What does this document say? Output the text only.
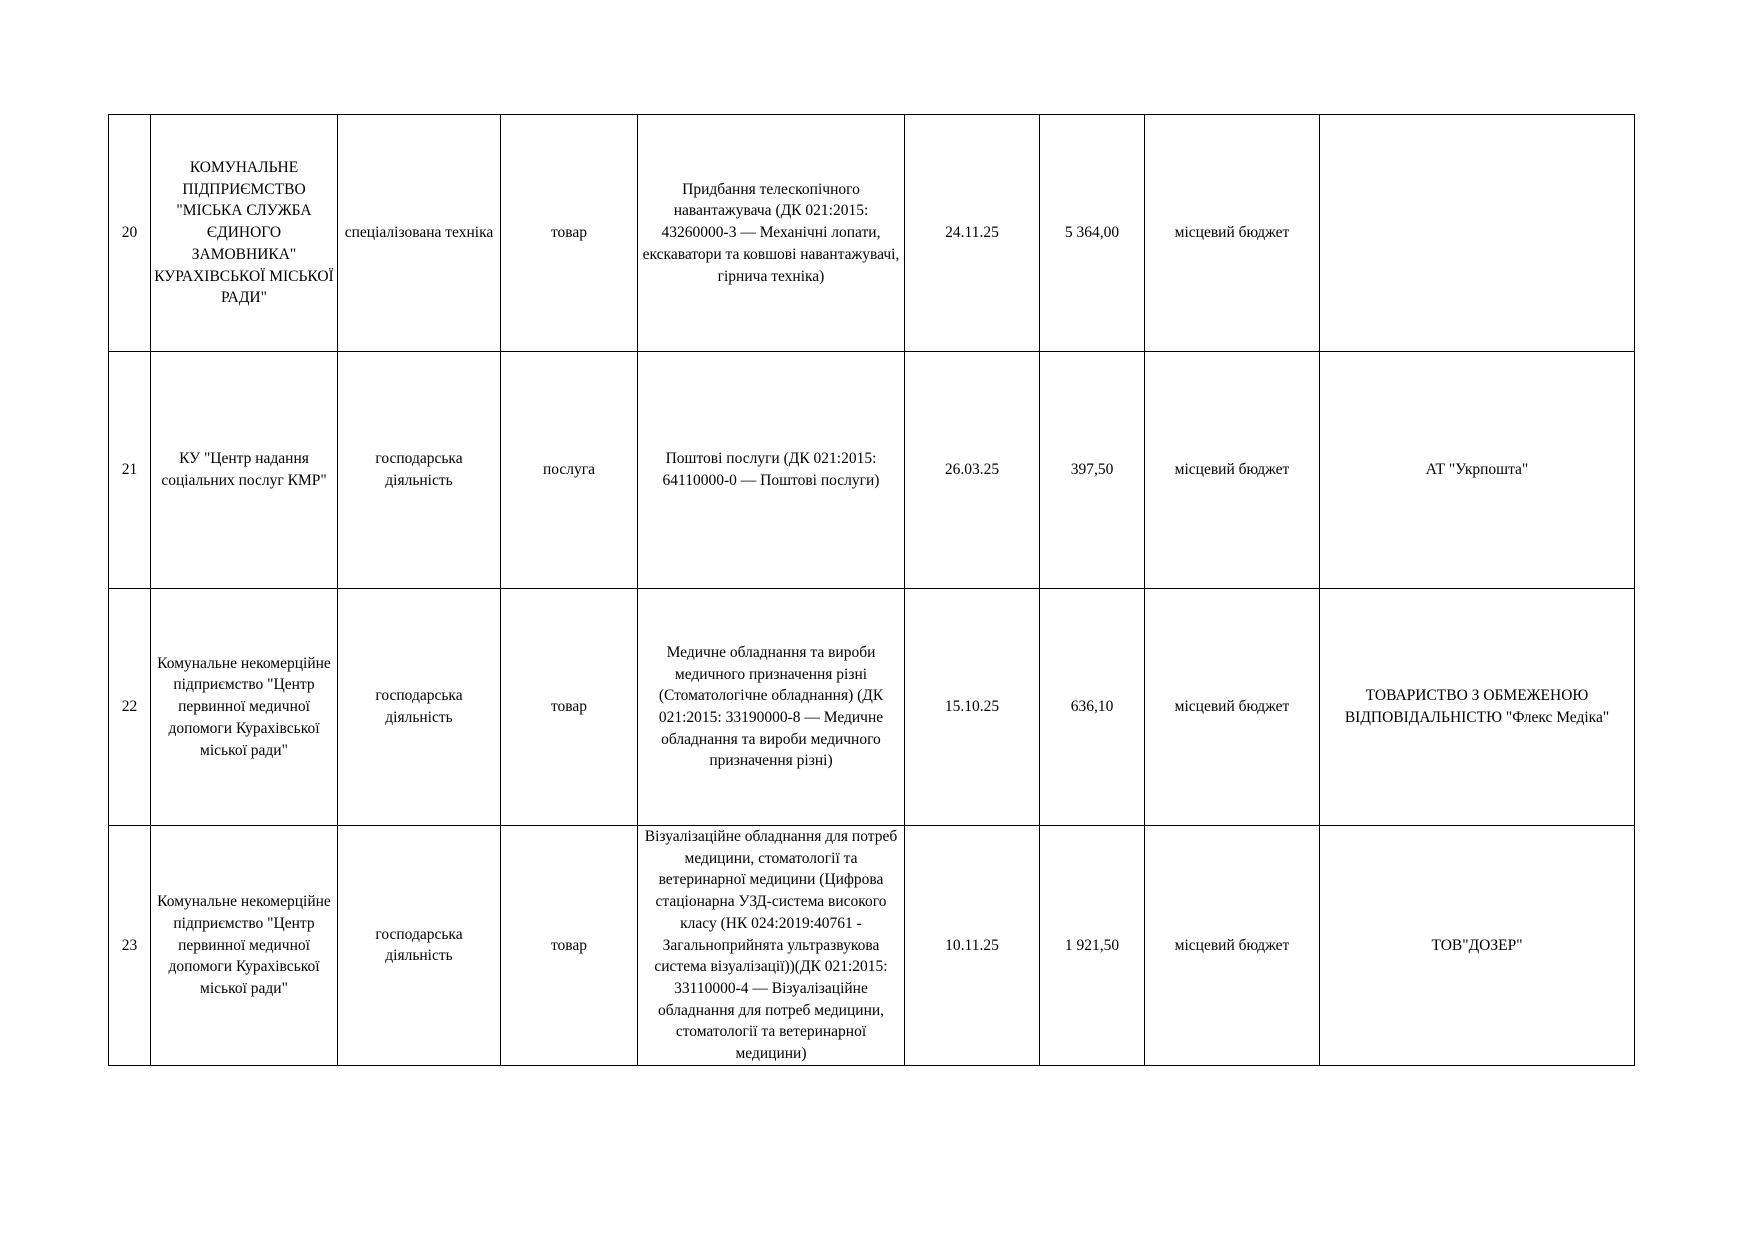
20	КОМУНАЛЬНЕ ПІДПРИЄМСТВО "МІСЬКА СЛУЖБА ЄДИНОГО ЗАМОВНИКА" КУРАХІВСЬКОЇ МІСЬКОЇ РАДИ"	спеціалізована техніка	товар	Придбання телескопічного навантажувача (ДК 021:2015: 43260000-3 — Механічні лопати, екскаватори та ковшові навантажувачі, гірнича техніка)	24.11.25	5 364,00	місцевий бюджет	
21	КУ "Центр надання соціальних послуг КМР"	господарська діяльність	послуга	Поштові послуги (ДК 021:2015: 64110000-0 — Поштові послуги)	26.03.25	397,50	місцевий бюджет	АТ "Укрпошта"
22	Комунальне некомерційне підприємство "Центр первинної медичної допомоги Курахівської міської ради"	господарська діяльність	товар	Медичне обладнання та вироби медичного призначення різні (Стоматологічне обладнання) (ДК 021:2015: 33190000-8 — Медичне обладнання та вироби медичного призначення різні)	15.10.25	636,10	місцевий бюджет	ТОВАРИСТВО З ОБМЕЖЕНОЮ ВІДПОВІДАЛЬНІСТЮ "Флекс Медіка"
23	Комунальне некомерційне підприємство "Центр первинної медичної допомоги Курахівської міської ради"	господарська діяльність	товар	Візуалізаційне обладнання для потреб медицини, стоматології та ветеринарної медицини (Цифрова стаціонарна УЗД-система високого класу (НК 024:2019:40761 - Загальноприйнята ультразвукова система візуалізації))(ДК 021:2015: 33110000-4 — Візуалізаційне обладнання для потреб медицини, стоматології та ветеринарної медицини)	10.11.25	1 921,50	місцевий бюджет	ТОВ"ДОЗЕР"
